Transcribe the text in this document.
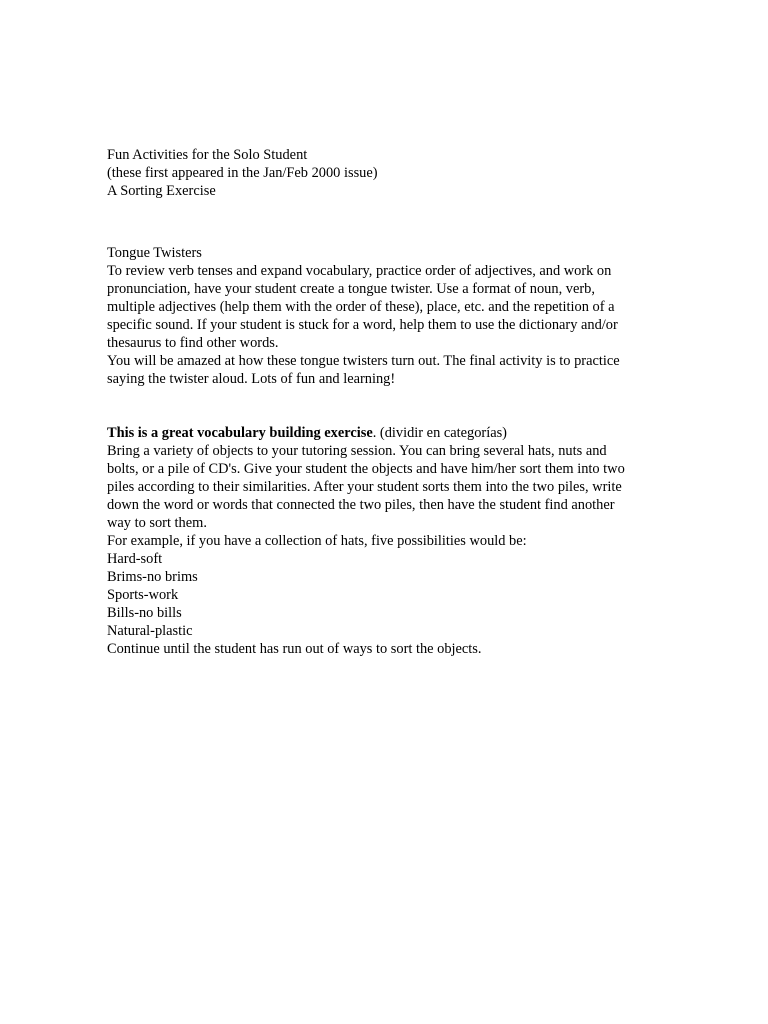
Fun Activities for the Solo Student
(these first appeared in the Jan/Feb 2000 issue)
A Sorting Exercise
Tongue Twisters
To review verb tenses and expand vocabulary, practice order of adjectives, and work on
pronunciation, have your student create a tongue twister. Use a format of noun, verb,
multiple adjectives (help them with the order of these), place, etc. and the repetition of a
specific sound. If your student is stuck for a word, help them to use the dictionary and/or
thesaurus to find other words.
You will be amazed at how these tongue twisters turn out. The final activity is to practice
saying the twister aloud. Lots of fun and learning!
This is a great vocabulary building exercise. (dividir en categorías)
Bring a variety of objects to your tutoring session. You can bring several hats, nuts and
bolts, or a pile of CD's. Give your student the objects and have him/her sort them into two
piles according to their similarities. After your student sorts them into the two piles, write
down the word or words that connected the two piles, then have the student find another
way to sort them.
For example, if you have a collection of hats, five possibilities would be:
Hard-soft
Brims-no brims
Sports-work
Bills-no bills
Natural-plastic
Continue until the student has run out of ways to sort the objects.
